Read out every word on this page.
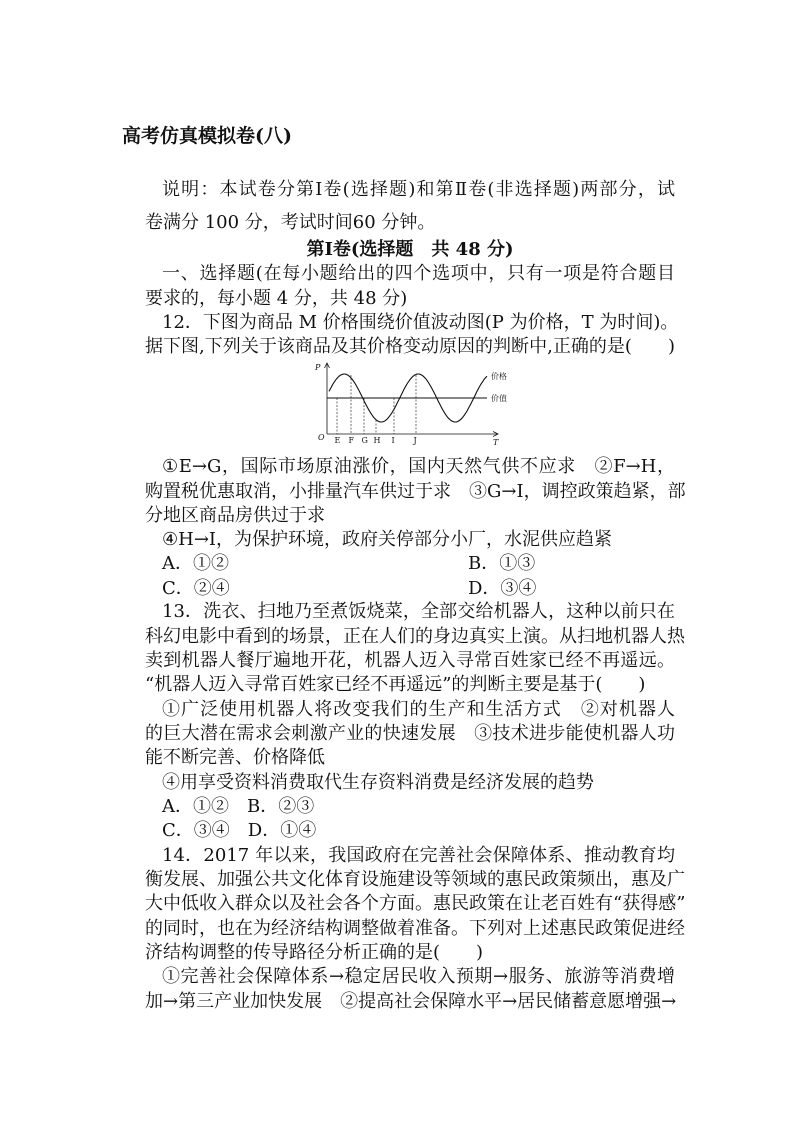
高考仿真模拟卷(八)
说明：本试卷分第Ⅰ卷(选择题)和第Ⅱ卷(非选择题)两部分，试
卷满分 100 分，考试时间60 分钟。
第Ⅰ卷(选择题　共 48 分)
一、选择题(在每小题给出的四个选项中，只有一项是符合题目
要求的，每小题 4 分，共 48 分)
12．下图为商品 M 价格围绕价值波动图(P 为价格，T 为时间)。
据下图,下列关于该商品及其价格变动原因的判断中,正确的是(　　)
P
T
O E F G H I J
价格
价值
①E→G，国际市场原油涨价，国内天然气供不应求　②F→H，
购置税优惠取消，小排量汽车供过于求　③G→I，调控政策趋紧，部
分地区商品房供过于求
④H→I，为保护环境，政府关停部分小厂，水泥供应趋紧
A．①②	B．①③
C．②④	D．③④
13．洗衣、扫地乃至煮饭烧菜，全部交给机器人，这种以前只在
科幻电影中看到的场景，正在人们的身边真实上演。从扫地机器人热
卖到机器人餐厅遍地开花，机器人迈入寻常百姓家已经不再遥远。
“机器人迈入寻常百姓家已经不再遥远”的判断主要是基于(　　)
①广泛使用机器人将改变我们的生产和生活方式　②对机器人
的巨大潜在需求会刺激产业的快速发展　③技术进步能使机器人功
能不断完善、价格降低
④用享受资料消费取代生存资料消费是经济发展的趋势
A．①②　B．②③
C．③④　D．①④
14．2017 年以来，我国政府在完善社会保障体系、推动教育均
衡发展、加强公共文化体育设施建设等领域的惠民政策频出，惠及广
大中低收入群众以及社会各个方面。惠民政策在让老百姓有“获得感”
的同时，也在为经济结构调整做着准备。下列对上述惠民政策促进经
济结构调整的传导路径分析正确的是(　　)
①完善社会保障体系→稳定居民收入预期→服务、旅游等消费增
加→第三产业加快发展　②提高社会保障水平→居民储蓄意愿增强→
